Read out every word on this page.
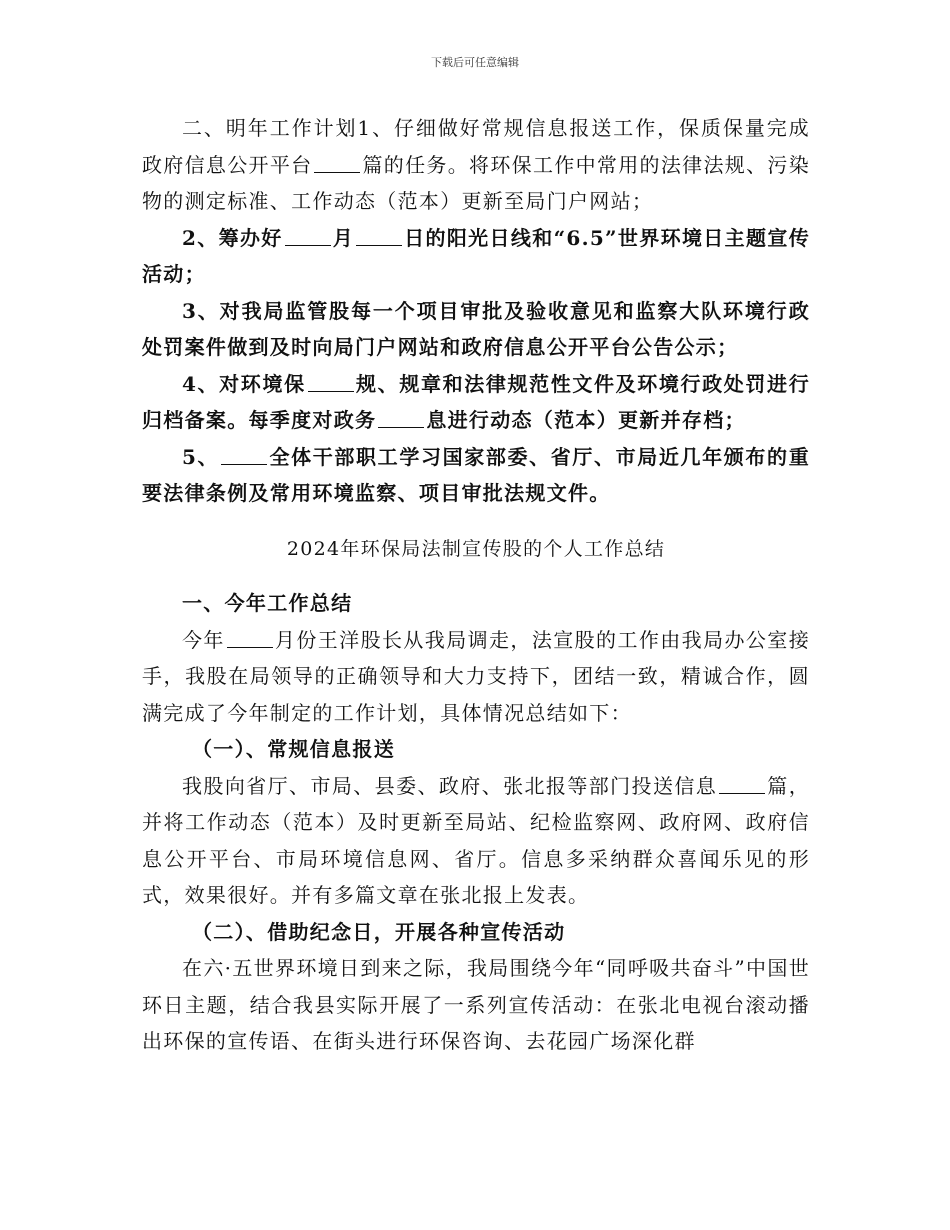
下载后可任意编辑

二、明年工作计划1、仔细做好常规信息报送工作，保质保量完成政府信息公开平台	篇的任务。将环保工作中常用的法律法规、污染物的测定标准、工作动态（范本）更新至局门户网站；

2、筹办好	月	日的阳光日线和“6.5”世界环境日主题宣传活动；

3、对我局监管股每一个项目审批及验收意见和监察大队环境行政处罚案件做到及时向局门户网站和政府信息公开平台公告公示；

4、对环境保	规、规章和法律规范性文件及环境行政处罚进行归档备案。每季度对政务	息进行动态（范本）更新并存档；

5、	全体干部职工学习国家部委、省厅、市局近几年颁布的重要法律条例及常用环境监察、项目审批法规文件。

2024年环保局法制宣传股的个人工作总结

一、今年工作总结

今年	月份王洋股长从我局调走，法宣股的工作由我局办公室接手，我股在局领导的正确领导和大力支持下，团结一致，精诚合作，圆满完成了今年制定的工作计划，具体情况总结如下：

（一）、常规信息报送

我股向省厅、市局、县委、政府、张北报等部门投送信息	篇，并将工作动态（范本）及时更新至局站、纪检监察网、政府网、政府信息公开平台、市局环境信息网、省厅。信息多采纳群众喜闻乐见的形式，效果很好。并有多篇文章在张北报上发表。

（二）、借助纪念日，开展各种宣传活动

在六·五世界环境日到来之际，我局围绕今年“同呼吸共奋斗”中国世环日主题，结合我县实际开展了一系列宣传活动：在张北电视台滚动播出环保的宣传语、在街头进行环保咨询、去花园广场深化群
